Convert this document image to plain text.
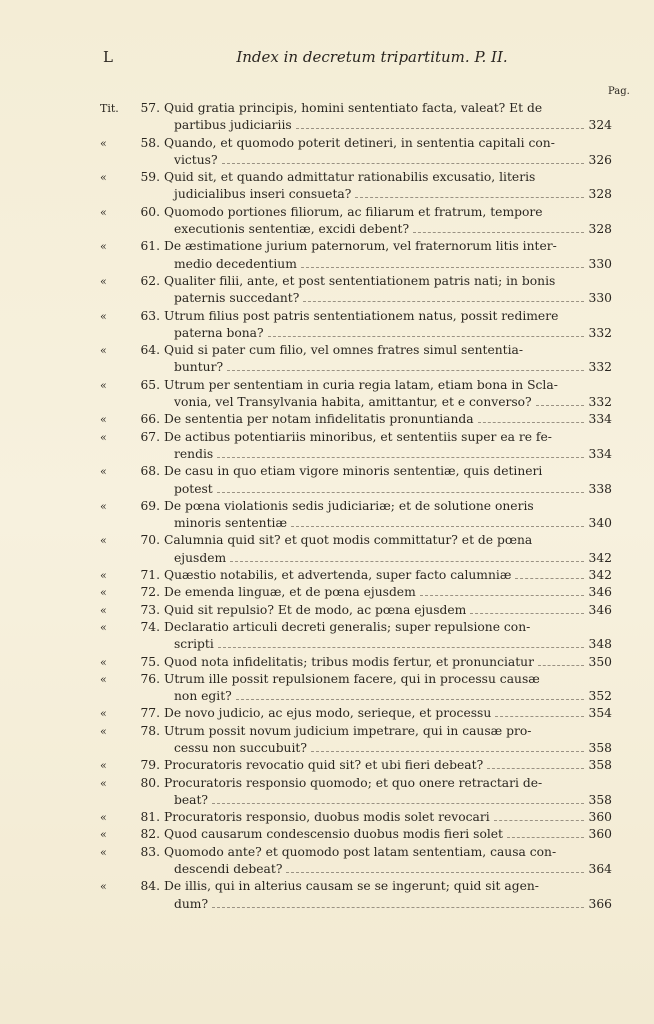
L	Index in decretum tripartitum. P. II.
Pag.
Tit.	57. Quid gratia principis, homini sententiato facta, valeat? Et de
partibus judiciariis	324
«	58. Quando, et quomodo poterit detineri, in sententia capitali con-
victus?	326
«	59. Quid sit, et quando admittatur rationabilis excusatio, literis
judicialibus inseri consueta?	328
«	60. Quomodo portiones filiorum, ac filiarum et fratrum, tempore
executionis sententiæ, excidi debent?	328
«	61. De æstimatione jurium paternorum, vel fraternorum litis inter-
medio decedentium	330
«	62. Qualiter filii, ante, et post sententiationem patris nati; in bonis
paternis succedant?	330
«	63. Utrum filius post patris sententiationem natus, possit redimere
paterna bona?	332
«	64. Quid si pater cum filio, vel omnes fratres simul sententia-
buntur?	332
«	65. Utrum per sententiam in curia regia latam, etiam bona in Scla-
vonia, vel Transylvania habita, amittantur, et e converso?	332
«	66. De sententia per notam infidelitatis pronuntianda	334
«	67. De actibus potentiariis minoribus, et sententiis super ea re fe-
rendis	334
«	68. De casu in quo etiam vigore minoris sententiæ, quis detineri
potest	338
«	69. De pœna violationis sedis judiciariæ; et de solutione oneris
minoris sententiæ	340
«	70. Calumnia quid sit? et quot modis committatur? et de pœna
ejusdem	342
«	71. Quæstio notabilis, et advertenda, super facto calumniæ	342
«	72. De emenda linguæ, et de pœna ejusdem	346
«	73. Quid sit repulsio? Et de modo, ac pœna ejusdem	346
«	74. Declaratio articuli decreti generalis; super repulsione con-
scripti	348
«	75. Quod nota infidelitatis; tribus modis fertur, et pronunciatur	350
«	76. Utrum ille possit repulsionem facere, qui in processu causæ
non egit?	352
«	77. De novo judicio, ac ejus modo, serieque, et processu	354
«	78. Utrum possit novum judicium impetrare, qui in causæ pro-
cessu non succubuit?	358
«	79. Procuratoris revocatio quid sit? et ubi fieri debeat?	358
«	80. Procuratoris responsio quomodo; et quo onere retractari de-
beat?	358
«	81. Procuratoris responsio, duobus modis solet revocari	360
«	82. Quod causarum condescensio duobus modis fieri solet	360
«	83. Quomodo ante? et quomodo post latam sententiam, causa con-
descendi debeat?	364
«	84. De illis, qui in alterius causam se se ingerunt; quid sit agen-
dum?	366
